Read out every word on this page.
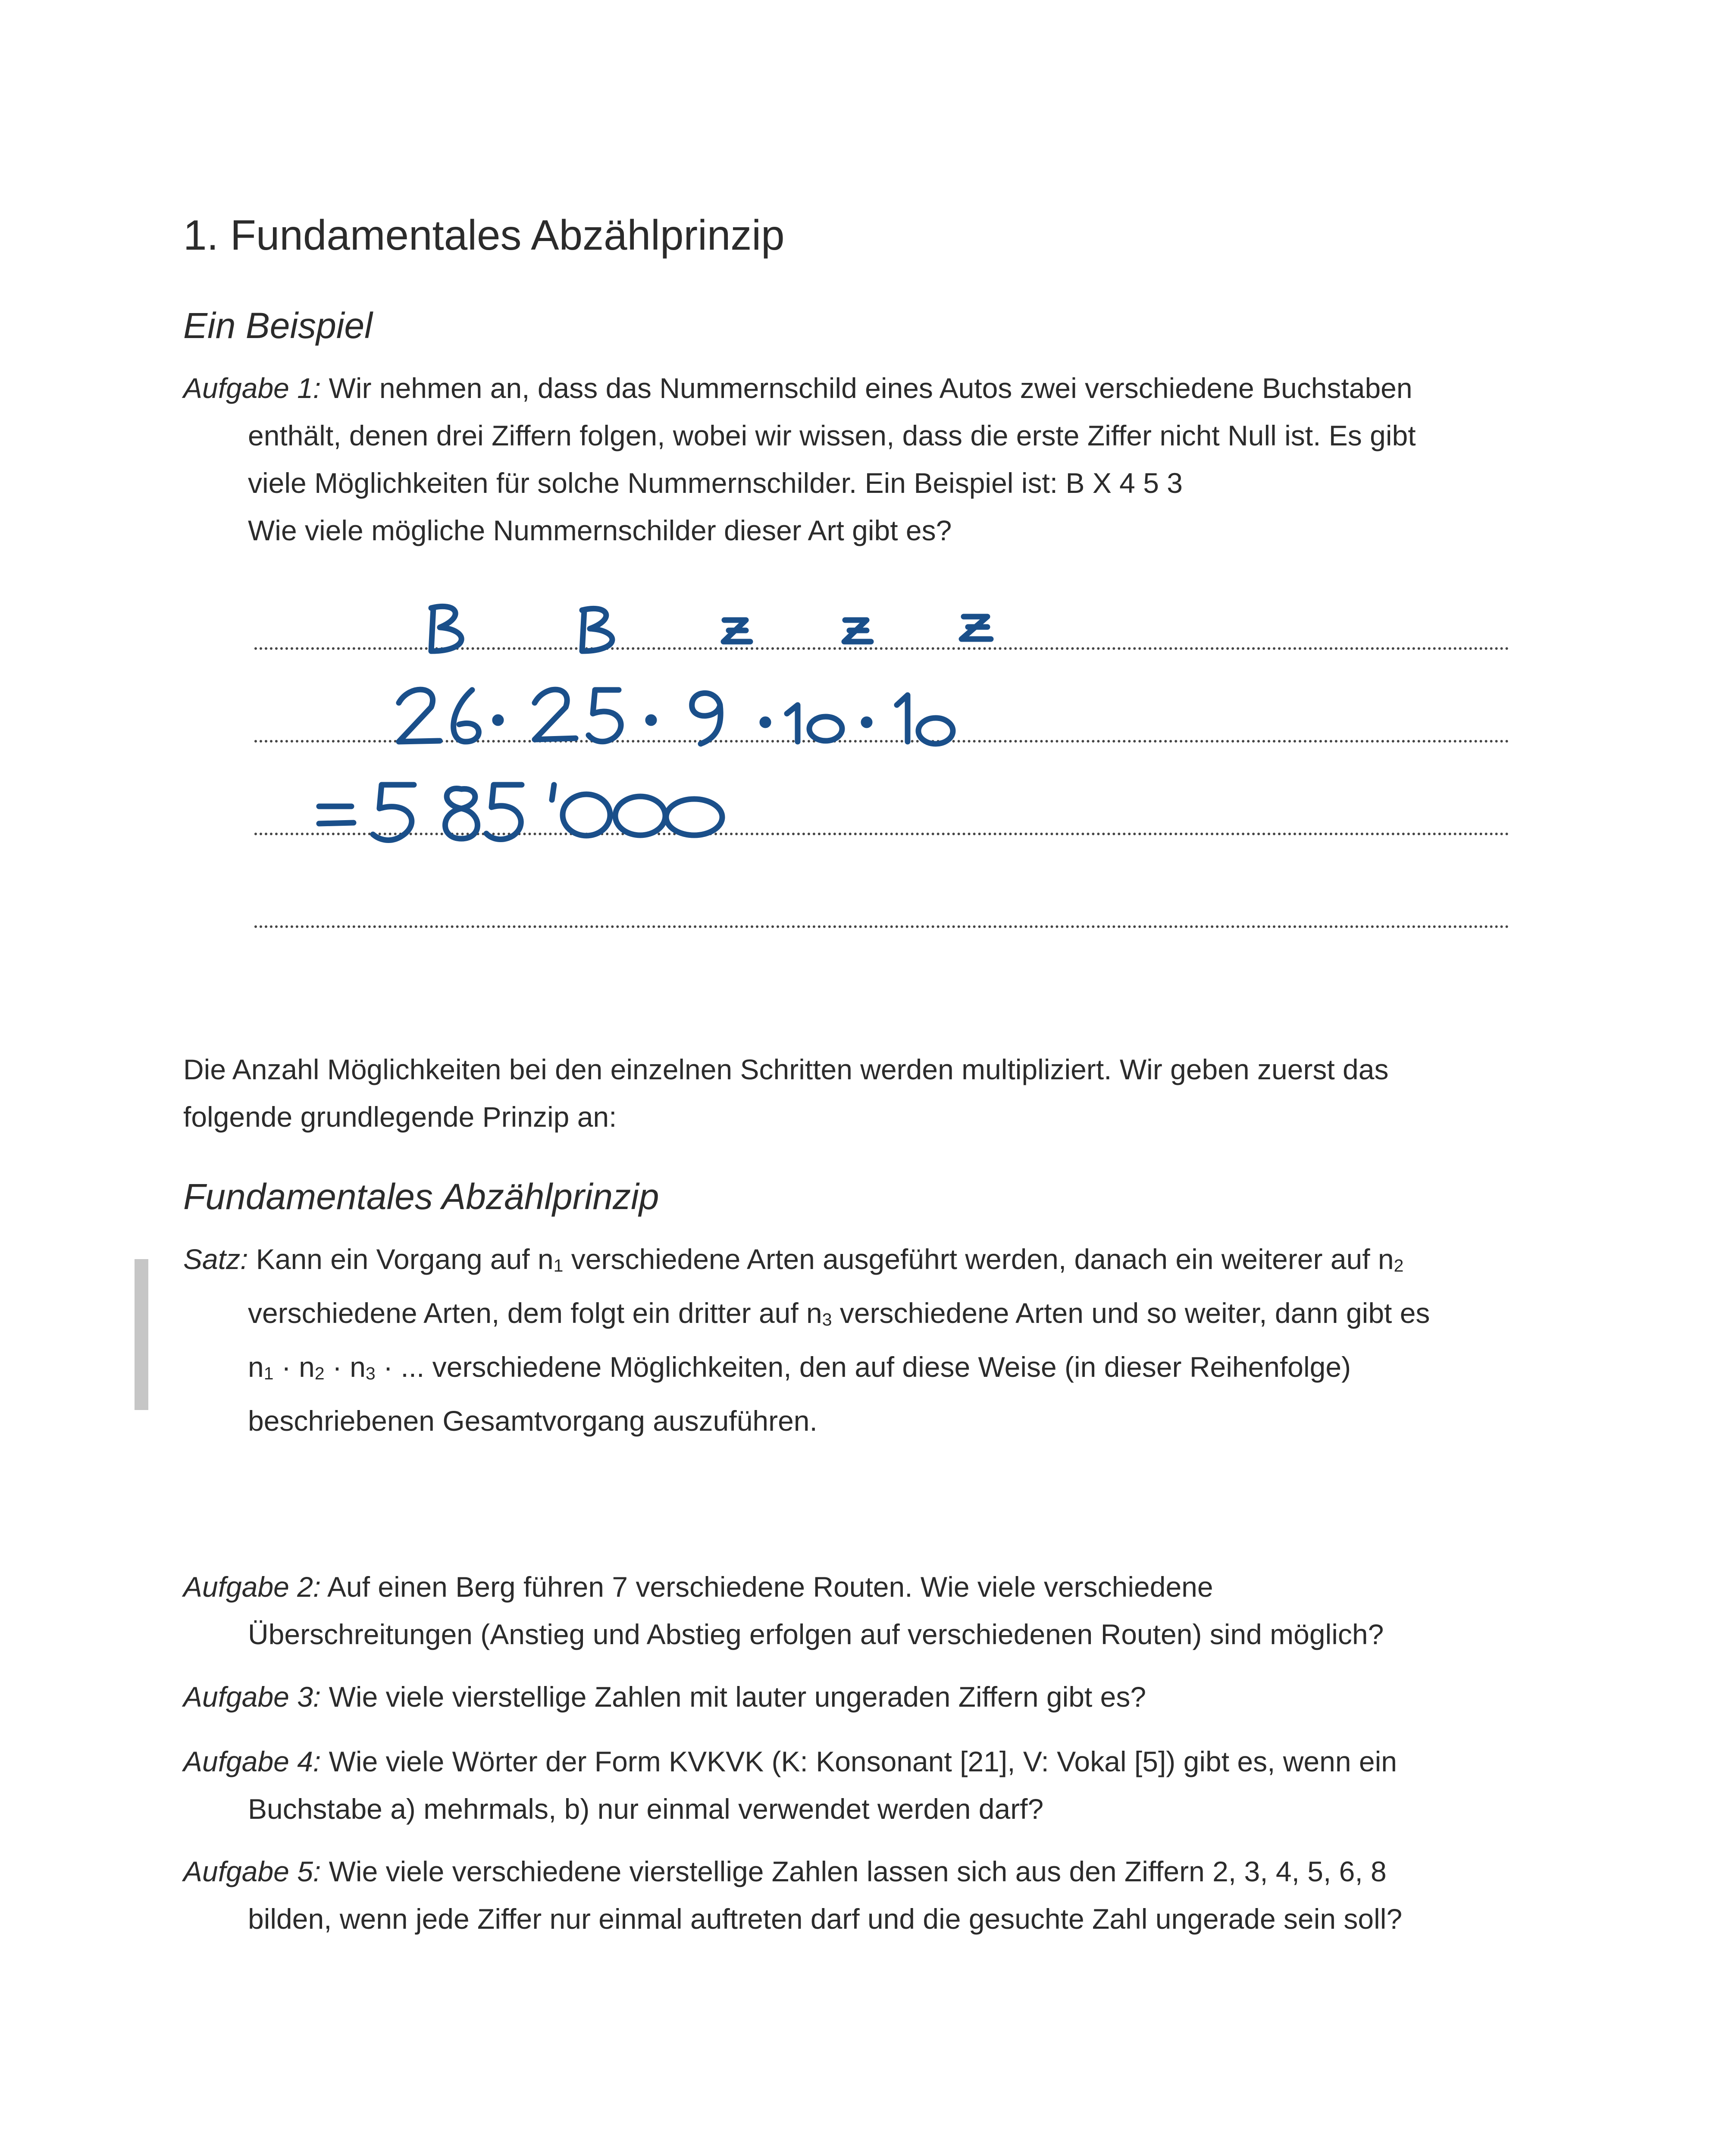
1. Fundamentales Abzählprinzip
Ein Beispiel
Aufgabe 1: Wir nehmen an, dass das Nummernschild eines Autos zwei verschiedene Buchstaben
enthält, denen drei Ziffern folgen, wobei wir wissen, dass die erste Ziffer nicht Null ist. Es gibt
viele Möglichkeiten für solche Nummernschilder. Ein Beispiel ist: B X 4 5 3
Wie viele mögliche Nummernschilder dieser Art gibt es?
Die Anzahl Möglichkeiten bei den einzelnen Schritten werden multipliziert. Wir geben zuerst das
folgende grundlegende Prinzip an:
Fundamentales Abzählprinzip
Satz: Kann ein Vorgang auf $n_1$ verschiedene Arten ausgeführt werden, danach ein weiterer auf $n_2$
verschiedene Arten, dem folgt ein dritter auf $n_3$ verschiedene Arten und so weiter, dann gibt es
$n_1 \cdot n_2 \cdot n_3$ · ... verschiedene Möglichkeiten, den auf diese Weise (in dieser Reihenfolge)
beschriebenen Gesamtvorgang auszuführen.
Aufgabe 2: Auf einen Berg führen 7 verschiedene Routen. Wie viele verschiedene
Überschreitungen (Anstieg und Abstieg erfolgen auf verschiedenen Routen) sind möglich?
Aufgabe 3: Wie viele vierstellige Zahlen mit lauter ungeraden Ziffern gibt es?
Aufgabe 4: Wie viele Wörter der Form KVKVK (K: Konsonant [21], V: Vokal [5]) gibt es, wenn ein
Buchstabe a) mehrmals, b) nur einmal verwendet werden darf?
Aufgabe 5: Wie viele verschiedene vierstellige Zahlen lassen sich aus den Ziffern 2, 3, 4, 5, 6, 8
bilden, wenn jede Ziffer nur einmal auftreten darf und die gesuchte Zahl ungerade sein soll?
